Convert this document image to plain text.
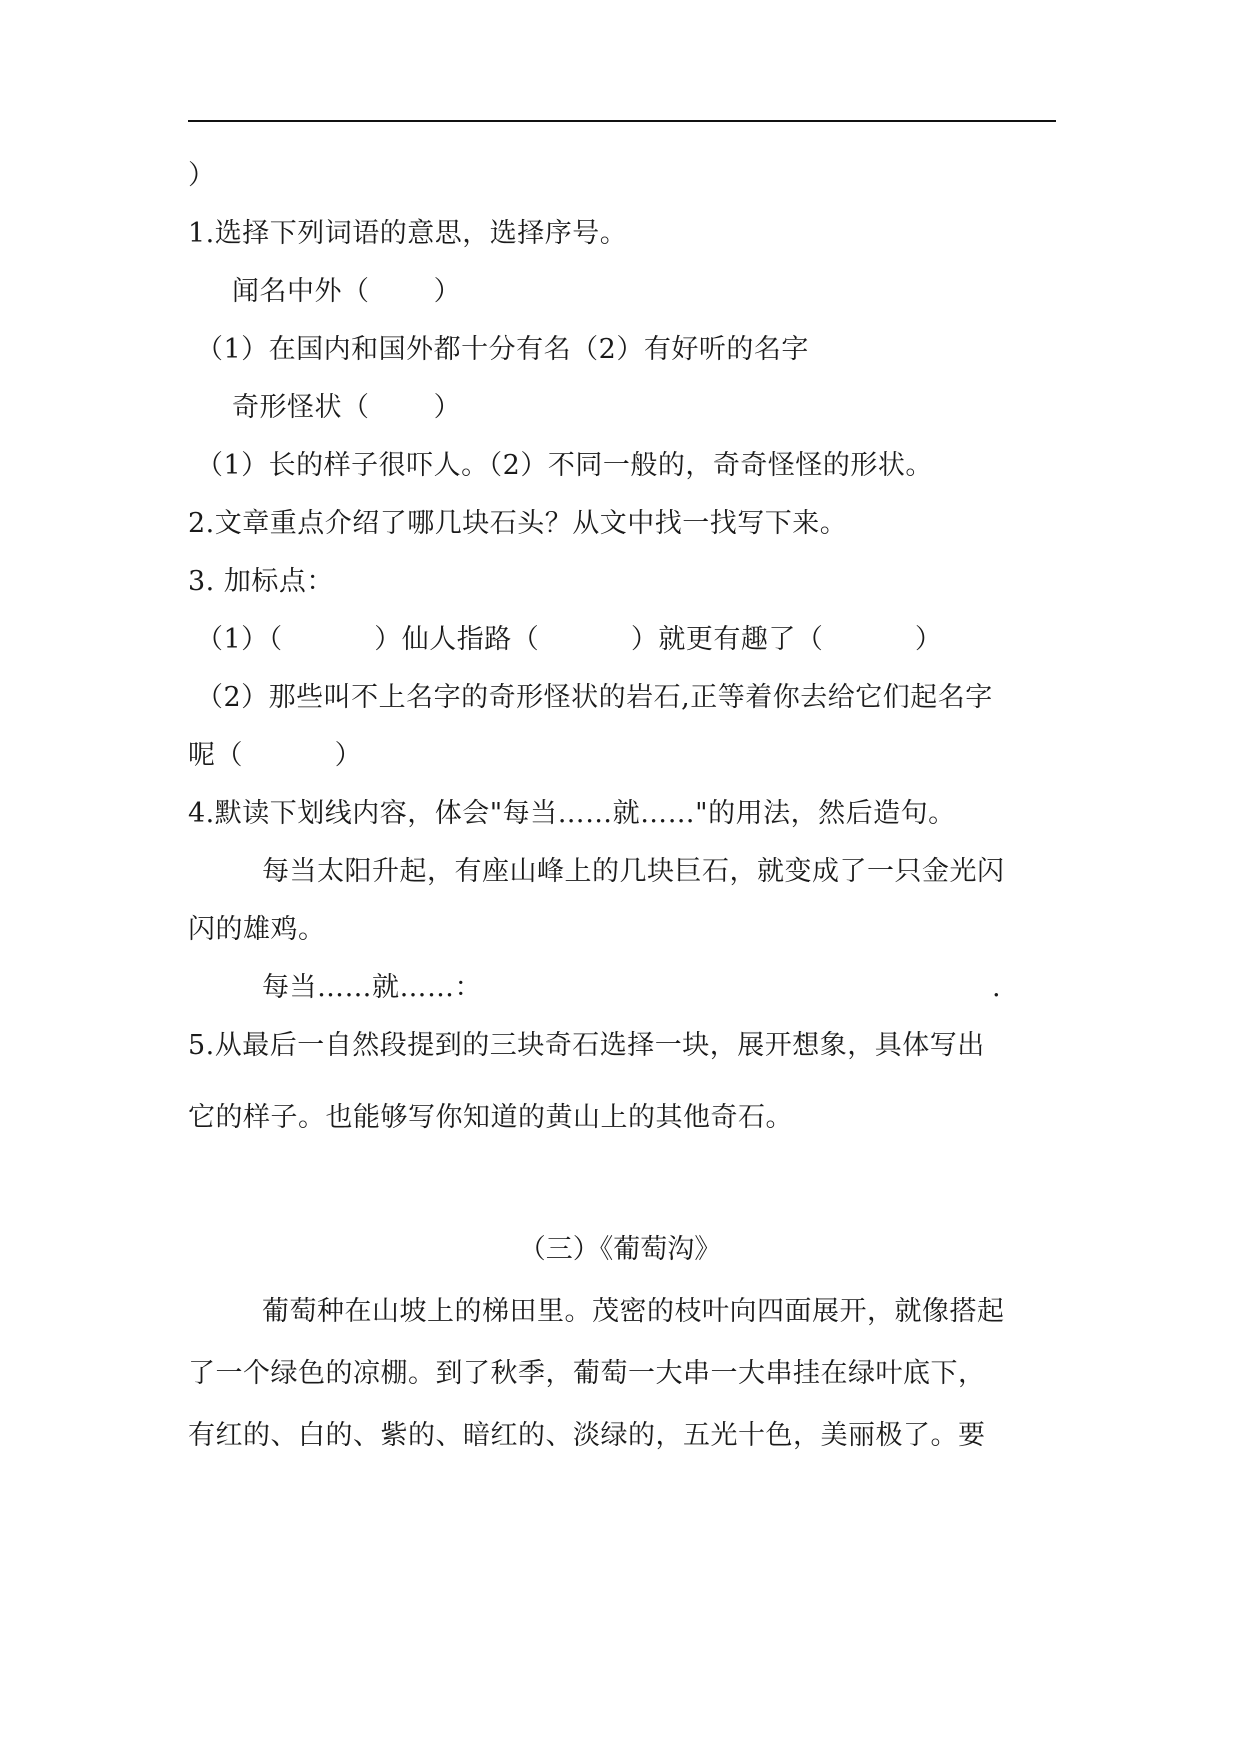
）
1.选择下列词语的意思，选择序号。
闻名中外（　　 ）
（1）在国内和国外都十分有名（2）有好听的名字
奇形怪状（　　 ）
（1）长的样子很吓人。（2）不同一般的，奇奇怪怪的形状。
2.文章重点介绍了哪几块石头？从文中找一找写下来。
3. 加标点：
（1）（　　　 ）仙人指路（　　　 ）就更有趣了（　　　 ）
（2）那些叫不上名字的奇形怪状的岩石,正等着你去给它们起名字
呢（　　　 ）
4.默读下划线内容，体会"每当……就……"的用法，然后造句。
每当太阳升起，有座山峰上的几块巨石，就变成了一只金光闪
闪的雄鸡。
每当……就……：	.
5.从最后一自然段提到的三块奇石选择一块，展开想象，具体写出
它的样子。也能够写你知道的黄山上的其他奇石。
（三）《葡萄沟》
葡萄种在山坡上的梯田里。茂密的枝叶向四面展开，就像搭起
了一个绿色的凉棚。到了秋季，葡萄一大串一大串挂在绿叶底下，
有红的、白的、紫的、暗红的、淡绿的，五光十色，美丽极了。要
